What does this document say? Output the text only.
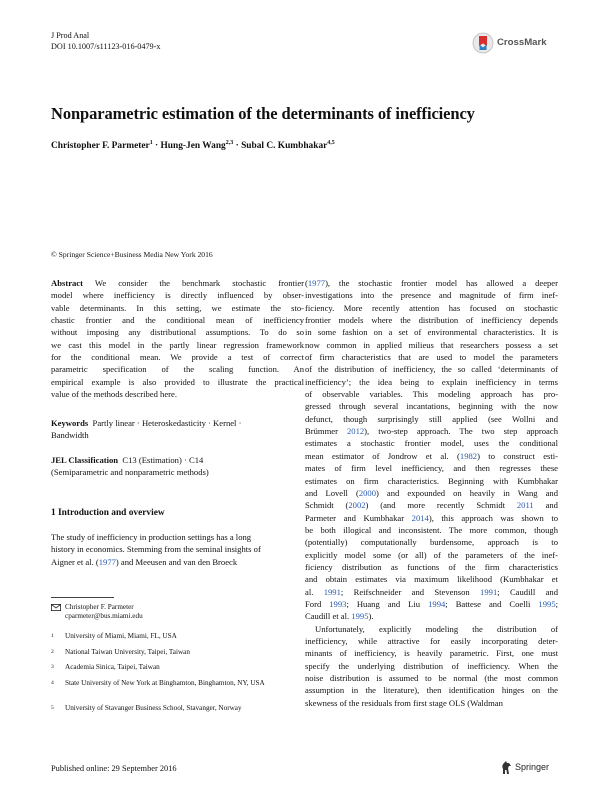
J Prod Anal
DOI 10.1007/s11123-016-0479-x	CrossMark
Nonparametric estimation of the determinants of inefficiency
Christopher F. Parmeter$^1$ · Hung-Jen Wang$^{2,3}$ · Subal C. Kumbhakar$^{4,5}$
© Springer Science+Business Media New York 2016

Abstract We consider the benchmark stochastic frontier

model where inefficiency is directly influenced by obser-

vable determinants. In this setting, we estimate the sto-

chastic frontier and the conditional mean of inefficiency

without imposing any distributional assumptions. To do so

we cast this model in the partly linear regression framework

for the conditional mean. We provide a test of correct

parametric specification of the scaling function. An

empirical example is also provided to illustrate the practical

value of the methods described here.

Keywords Partly linear · Heteroskedasticity · Kernel ·

Bandwidth

JEL Classification C13 (Estimation) · C14

(Semiparametric and nonparametric methods)

1 Introduction and overview

The study of inefficiency in production settings has a long

history in economics. Stemming from the seminal insights of

Aigner et al. (1977) and Meeusen and van den Broeck

Christopher F. Parmeter
cparmeter@bus.miami.edu
1 University of Miami, Miami, FL, USA
2 National Taiwan University, Taipei, Taiwan
3 Academia Sinica, Taipei, Taiwan
4 State University of New York at Binghamton, Binghamton, NY, USA
5 University of Stavanger Business School, Stavanger, Norway

(1977), the stochastic frontier model has allowed a deeper

investigations into the presence and magnitude of firm inef-

ficiency. More recently attention has focused on stochastic

frontier models where the distribution of inefficiency depends

in some fashion on a set of environmental characteristics. It is

now common in applied milieus that researchers possess a set

of firm characteristics that are used to model the parameters

of the distribution of inefficiency, the so called ‘determinants of

inefficiency’; the idea being to explain inefficiency in terms

of observable variables. This modeling approach has pro-

gressed through several incantations, beginning with the now

defunct, though surprisingly still applied (see Wollni and

Brümmer 2012), two-step approach. The two step approach

estimates a stochastic frontier model, uses the conditional

mean estimator of Jondrow et al. (1982) to construct esti-

mates of firm level inefficiency, and then regresses these

estimates on firm characteristics. Beginning with Kumbhakar

and Lovell (2000) and expounded on heavily in Wang and

Schmidt (2002) (and more recently Schmidt 2011 and

Parmeter and Kumbhakar 2014), this approach was shown to

be both illogical and inconsistent. The more common, though

(potentially) computationally burdensome, approach is to

explicitly model some (or all) of the parameters of the inef-

ficiency distribution as functions of the firm characteristics

and obtain estimates via maximum likelihood (Kumbhakar et

al. 1991; Reifschneider and Stevenson 1991; Caudill and

Ford 1993; Huang and Liu 1994; Battese and Coelli 1995;

Caudill et al. 1995).

Unfortunately, explicitly modeling the distribution of

inefficiency, while attractive for easily incorporating deter-

minants of inefficiency, is heavily parametric. First, one must

specify the underlying distribution of inefficiency. When the

noise distribution is assumed to be normal (the most common

assumption in the literature), then identification hinges on the

skewness of the residuals from first stage OLS (Waldman

Published online: 29 September 2016	Springer
